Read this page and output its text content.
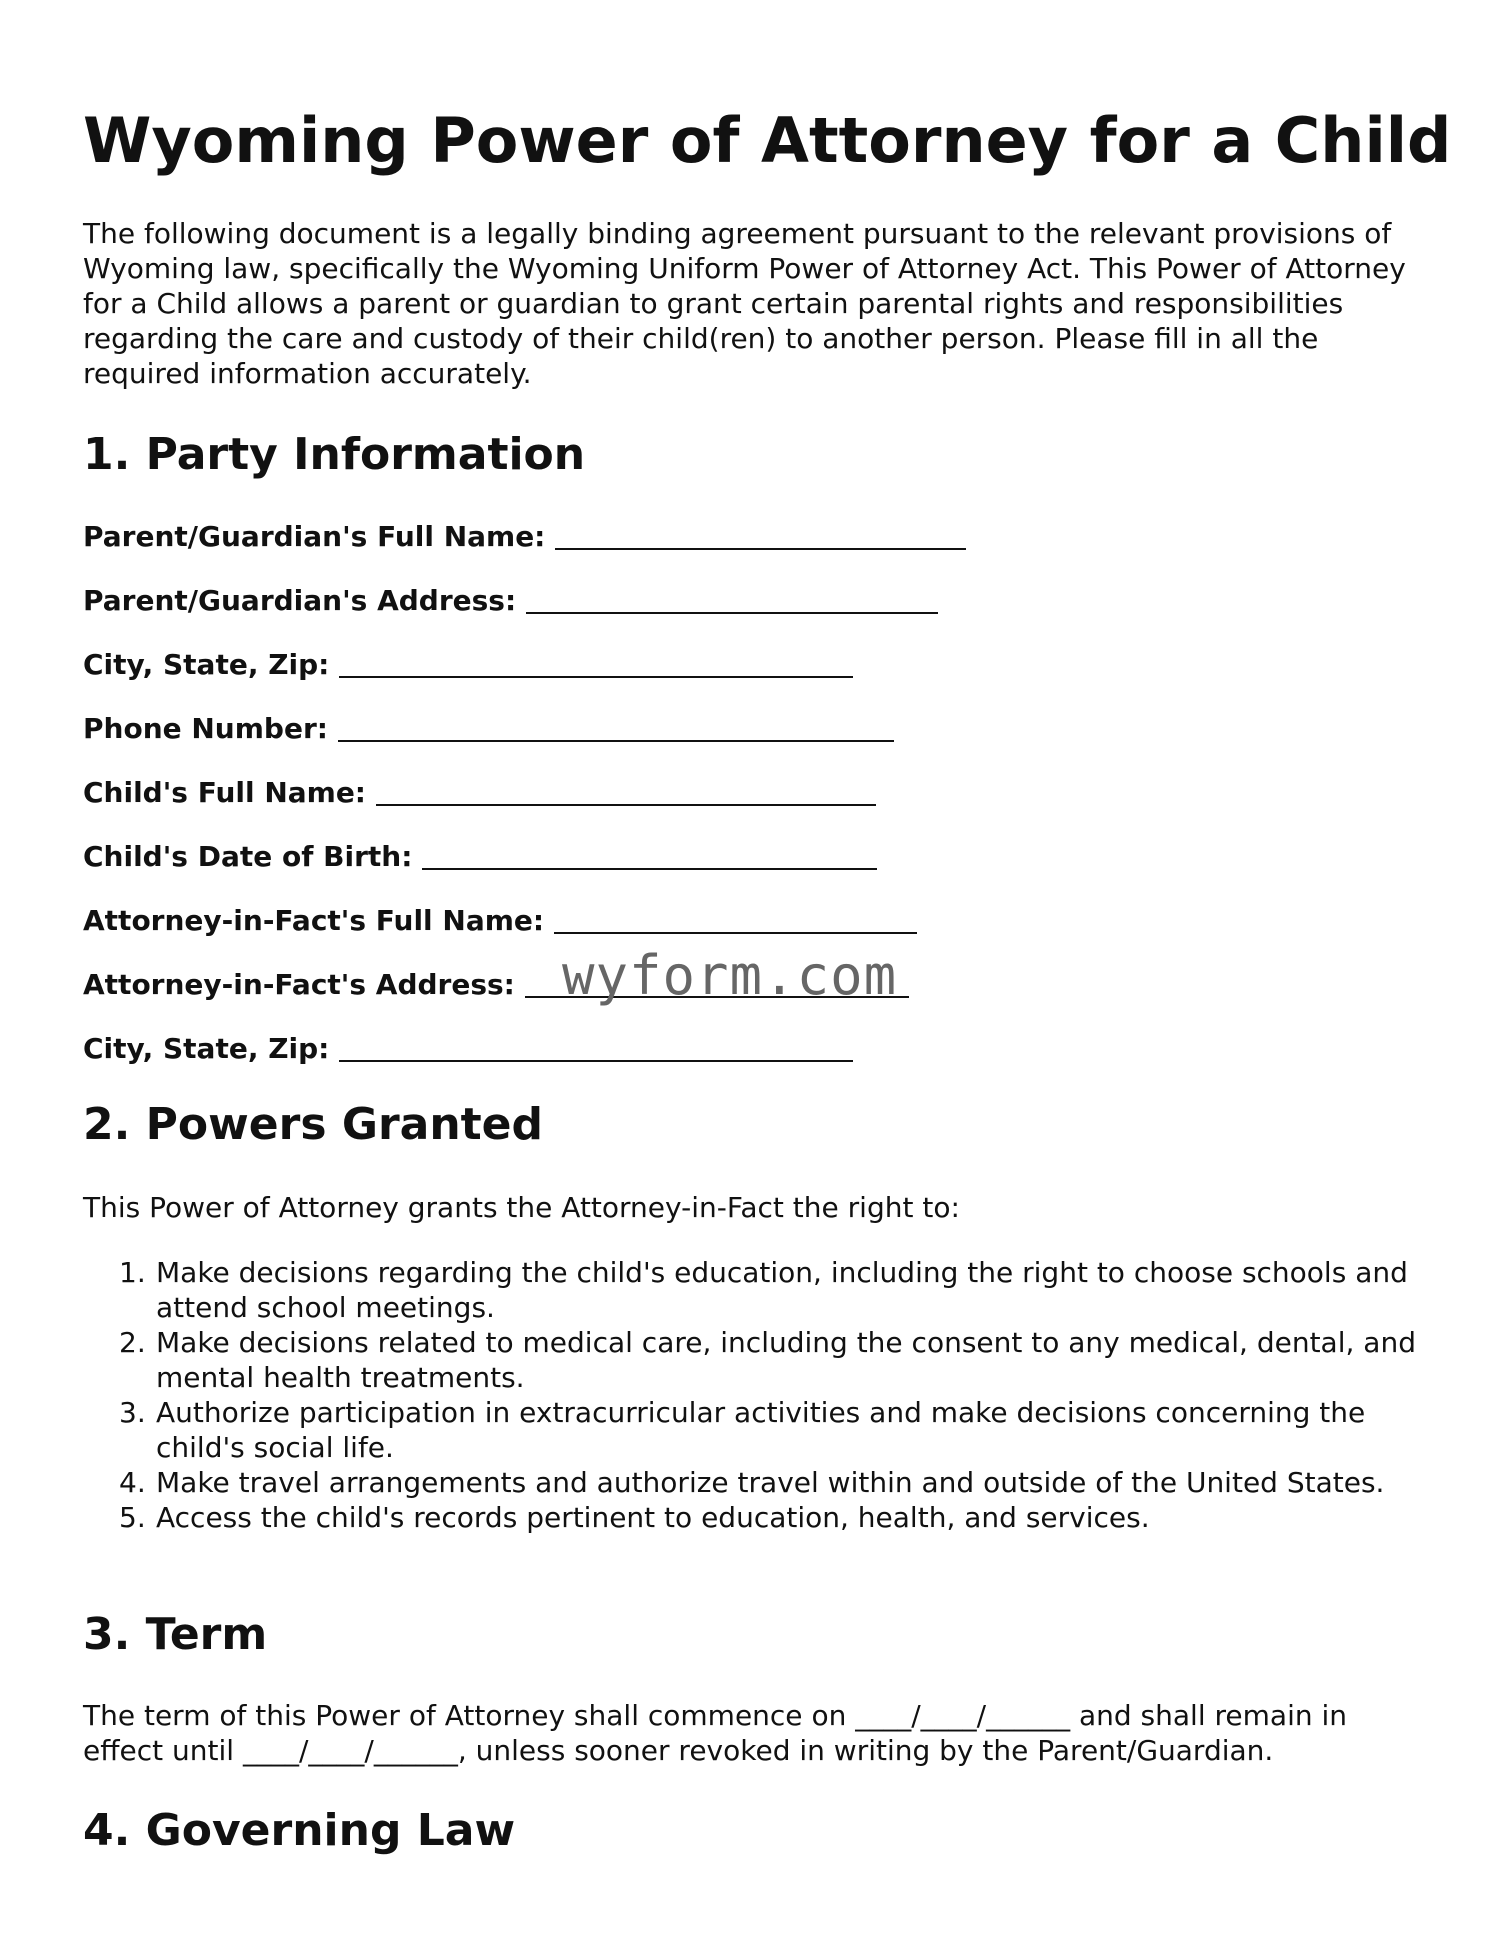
Wyoming Power of Attorney for a Child

The following document is a legally binding agreement pursuant to the relevant provisions of Wyoming law, specifically the Wyoming Uniform Power of Attorney Act. This Power of Attorney for a Child allows a parent or guardian to grant certain parental rights and responsibilities regarding the care and custody of their child(ren) to another person. Please fill in all the required information accurately.

1. Party Information
Parent/Guardian's Full Name:
Parent/Guardian's Address:
City, State, Zip:
Phone Number:
Child's Full Name:
Child's Date of Birth:
Attorney-in-Fact's Full Name:
Attorney-in-Fact's Address:
City, State, Zip:
2. Powers Granted

This Power of Attorney grants the Attorney-in-Fact the right to:

1. Make decisions regarding the child's education, including the right to choose schools and attend school meetings.
2. Make decisions related to medical care, including the consent to any medical, dental, and mental health treatments.
3. Authorize participation in extracurricular activities and make decisions concerning the child's social life.
4. Make travel arrangements and authorize travel within and outside of the United States.
5. Access the child's records pertinent to education, health, and services.
3. Term

The term of this Power of Attorney shall commence on ____/____/______ and shall remain in effect until ____/____/______, unless sooner revoked in writing by the Parent/Guardian.

4. Governing Law
wyform.com
